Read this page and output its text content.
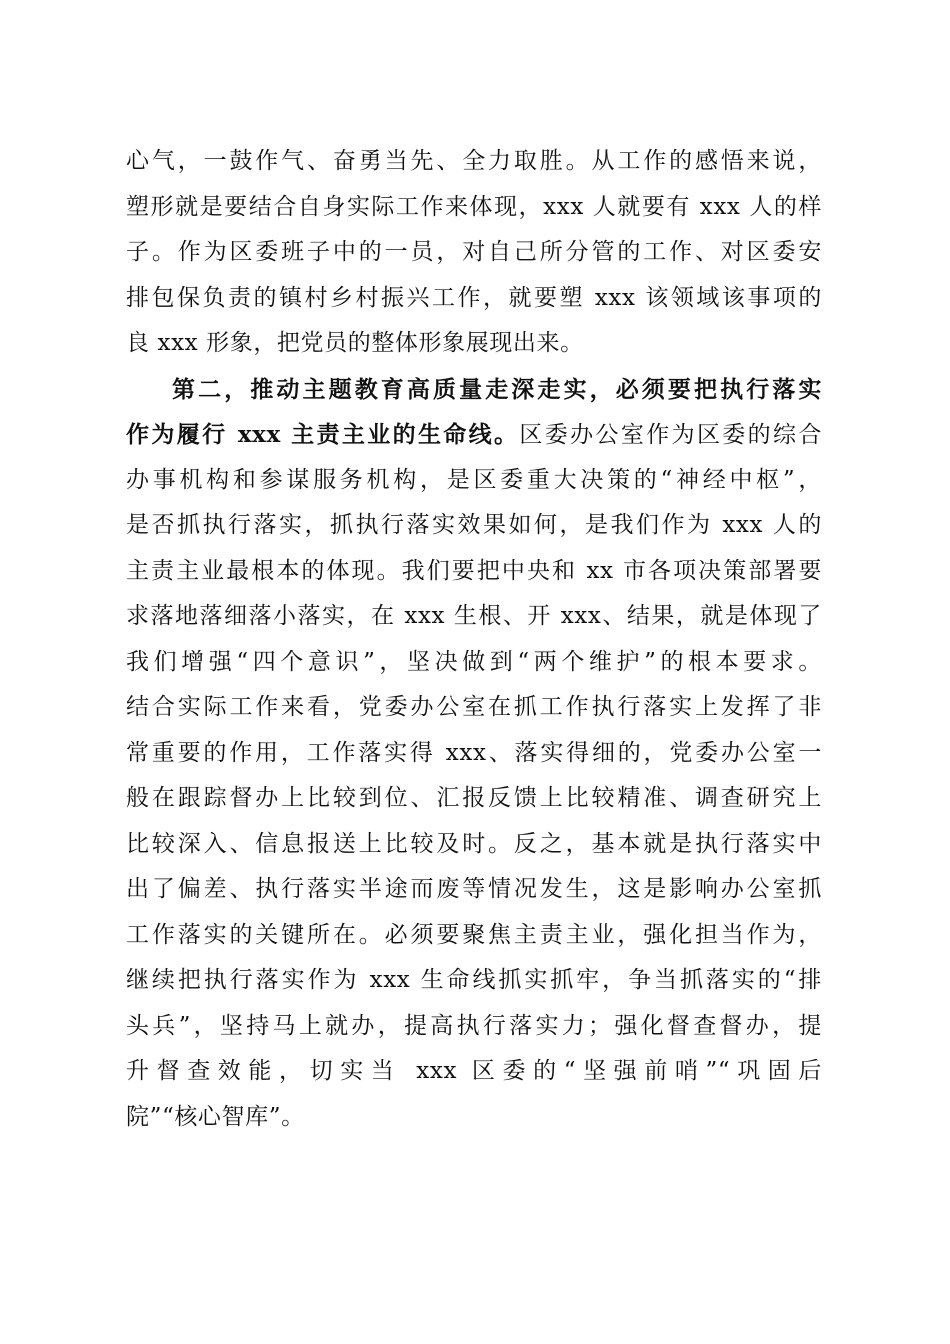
心气，一鼓作气、奋勇当先、全力取胜。从工作的感悟来说，
塑形就是要结合自身实际工作来体现，xxx 人就要有 xxx 人的样
子。作为区委班子中的一员，对自己所分管的工作、对区委安
排包保负责的镇村乡村振兴工作，就要塑 xxx 该领域该事项的
良 xxx 形象，把党员的整体形象展现出来。
第二，推动主题教育高质量走深走实，必须要把执行落实
作为履行 xxx 主责主业的生命线。区委办公室作为区委的综合
办事机构和参谋服务机构，是区委重大决策的“神经中枢”，
是否抓执行落实，抓执行落实效果如何，是我们作为 xxx 人的
主责主业最根本的体现。我们要把中央和 xx 市各项决策部署要
求落地落细落小落实，在 xxx 生根、开 xxx、结果，就是体现了
我们增强“四个意识”，坚决做到“两个维护”的根本要求。
结合实际工作来看，党委办公室在抓工作执行落实上发挥了非
常重要的作用，工作落实得 xxx、落实得细的，党委办公室一
般在跟踪督办上比较到位、汇报反馈上比较精准、调查研究上
比较深入、信息报送上比较及时。反之，基本就是执行落实中
出了偏差、执行落实半途而废等情况发生，这是影响办公室抓
工作落实的关键所在。必须要聚焦主责主业，强化担当作为，
继续把执行落实作为 xxx 生命线抓实抓牢，争当抓落实的“排
头兵”，坚持马上就办，提高执行落实力；强化督查督办，提
升督查效能，切实当 xxx 区委的“坚强前哨”“巩固后
院”“核心智库”。
